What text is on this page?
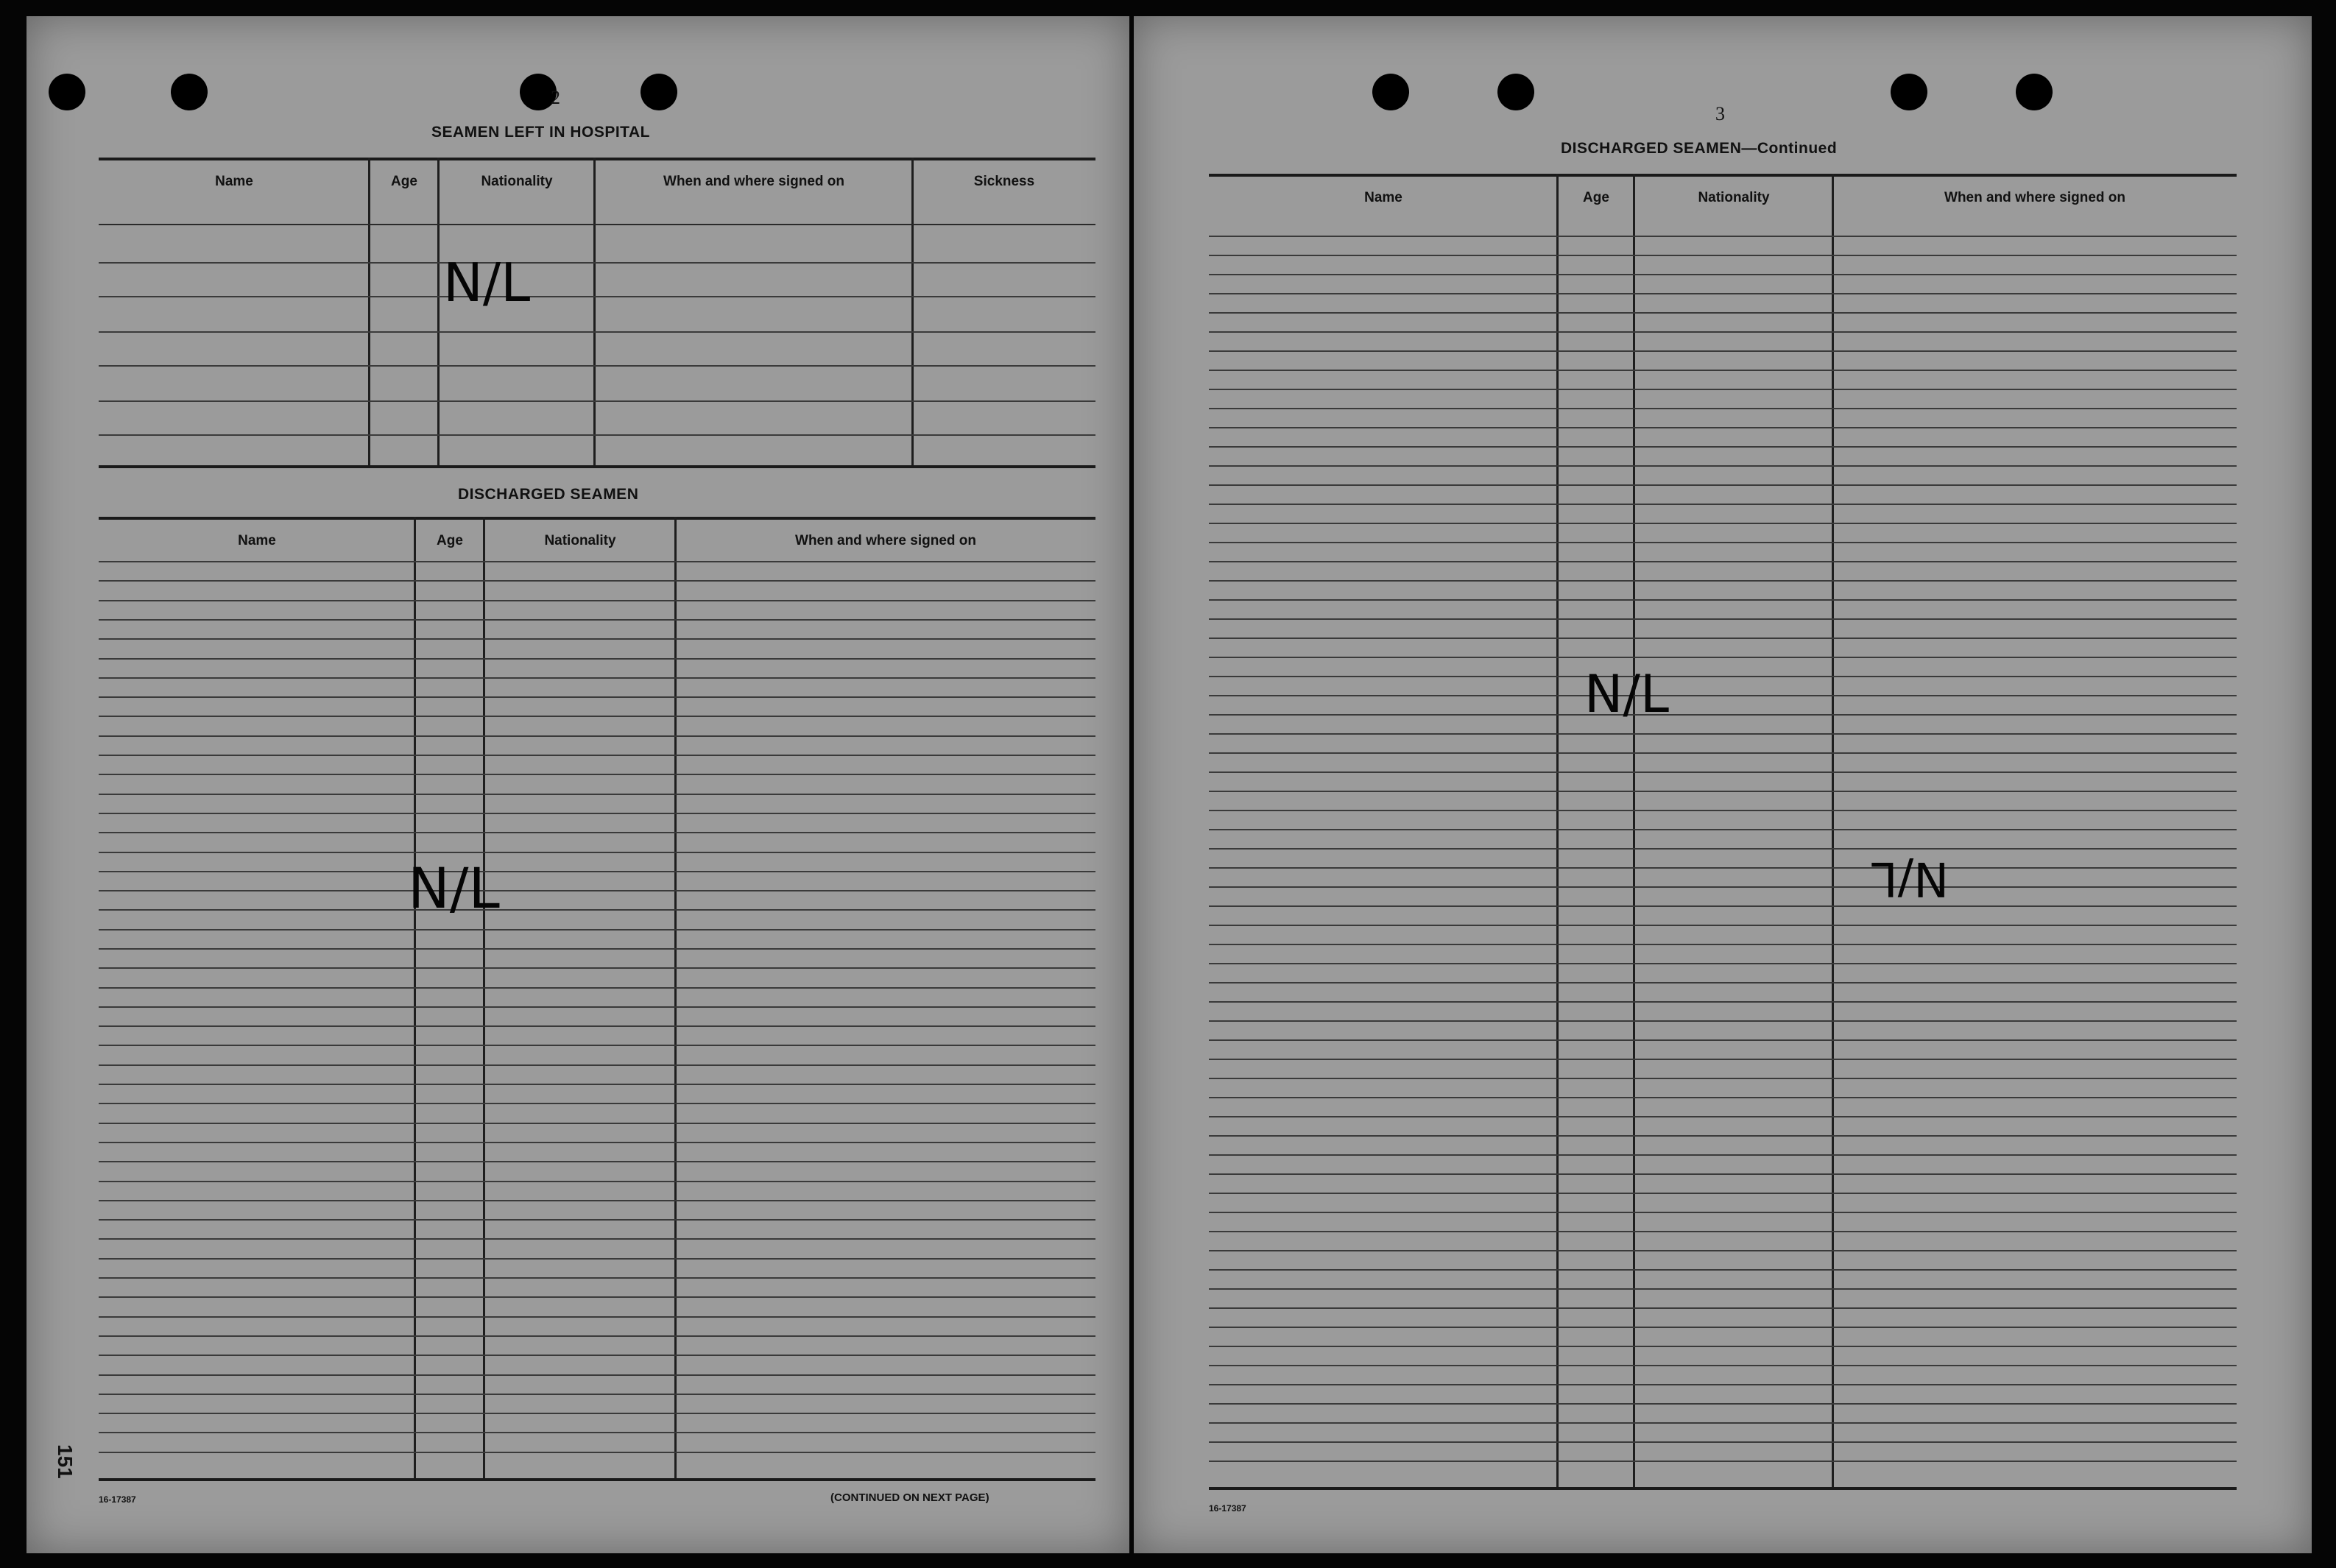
2
SEAMEN LEFT IN HOSPITAL
Name	Age	Nationality	When and where signed on	Sickness
N/L
DISCHARGED SEAMEN
Name	Age	Nationality	When and where signed on
N/L
151
16-17387	(CONTINUED ON NEXT PAGE)
3
DISCHARGED SEAMEN—Continued
Name	Age	Nationality	When and where signed on
N/L
N/L
16-17387
